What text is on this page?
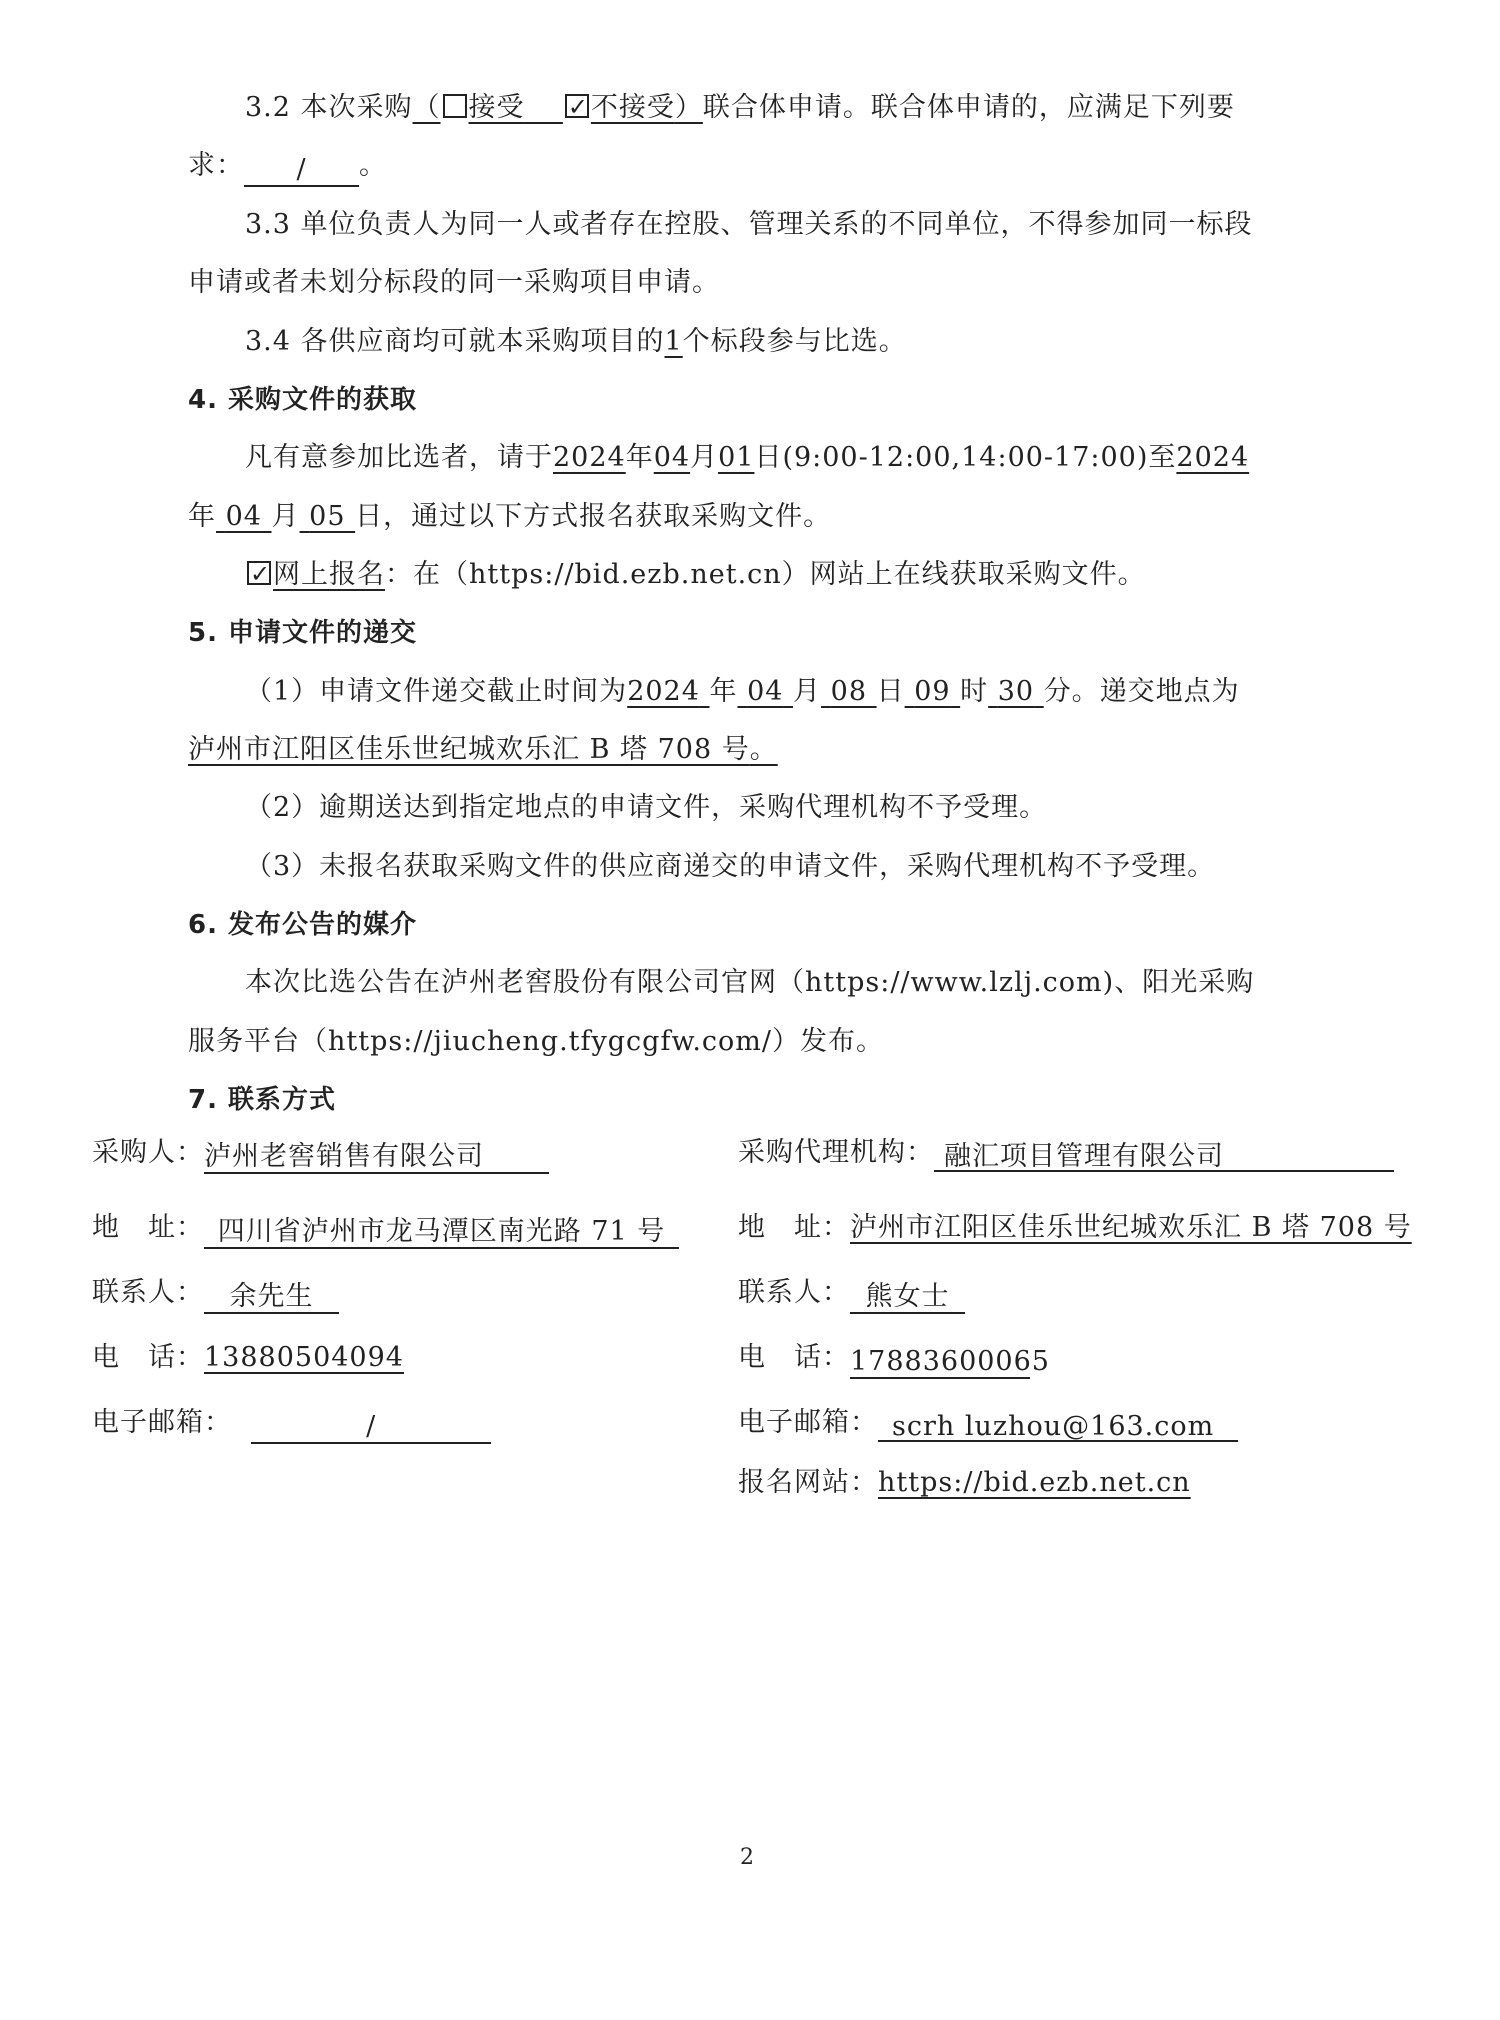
3.2 本次采购（ 接受 ✓ 不接受）联合体申请。联合体申请的，应满足下列要
求： / 。
3.3 单位负责人为同一人或者存在控股、管理关系的不同单位，不得参加同一标段
申请或者未划分标段的同一采购项目申请。
3.4 各供应商均可就本采购项目的1个标段参与比选。
4. 采购文件的获取
凡有意参加比选者，请于2024年04月01日(9:00-12:00,14:00-17:00)至2024
年 04 月 05 日，通过以下方式报名获取采购文件。
✓网上报名：在（https://bid.ezb.net.cn）网站上在线获取采购文件。
5. 申请文件的递交
（1）申请文件递交截止时间为2024 年 04 月 08 日 09 时 30 分。递交地点为
泸州市江阳区佳乐世纪城欢乐汇 B 塔 708 号。
（2）逾期送达到指定地点的申请文件，采购代理机构不予受理。
（3）未报名获取采购文件的供应商递交的申请文件，采购代理机构不予受理。
6. 发布公告的媒介
本次比选公告在泸州老窖股份有限公司官网（https://www.lzlj.com)、阳光采购
服务平台（https://jiucheng.tfygcgfw.com/）发布。
7. 联系方式
采购人：泸州老窖销售有限公司
地　址： 四川省泸州市龙马潭区南光路 71 号
联系人： 余先生
电　话：13880504094
电子邮箱：	/
采购代理机构： 融汇项目管理有限公司
地　址：泸州市江阳区佳乐世纪城欢乐汇 B 塔 708 号
联系人： 熊女士
电　话：17883600065
电子邮箱： scrh luzhou@163.com
报名网站：https://bid.ezb.net.cn
2
